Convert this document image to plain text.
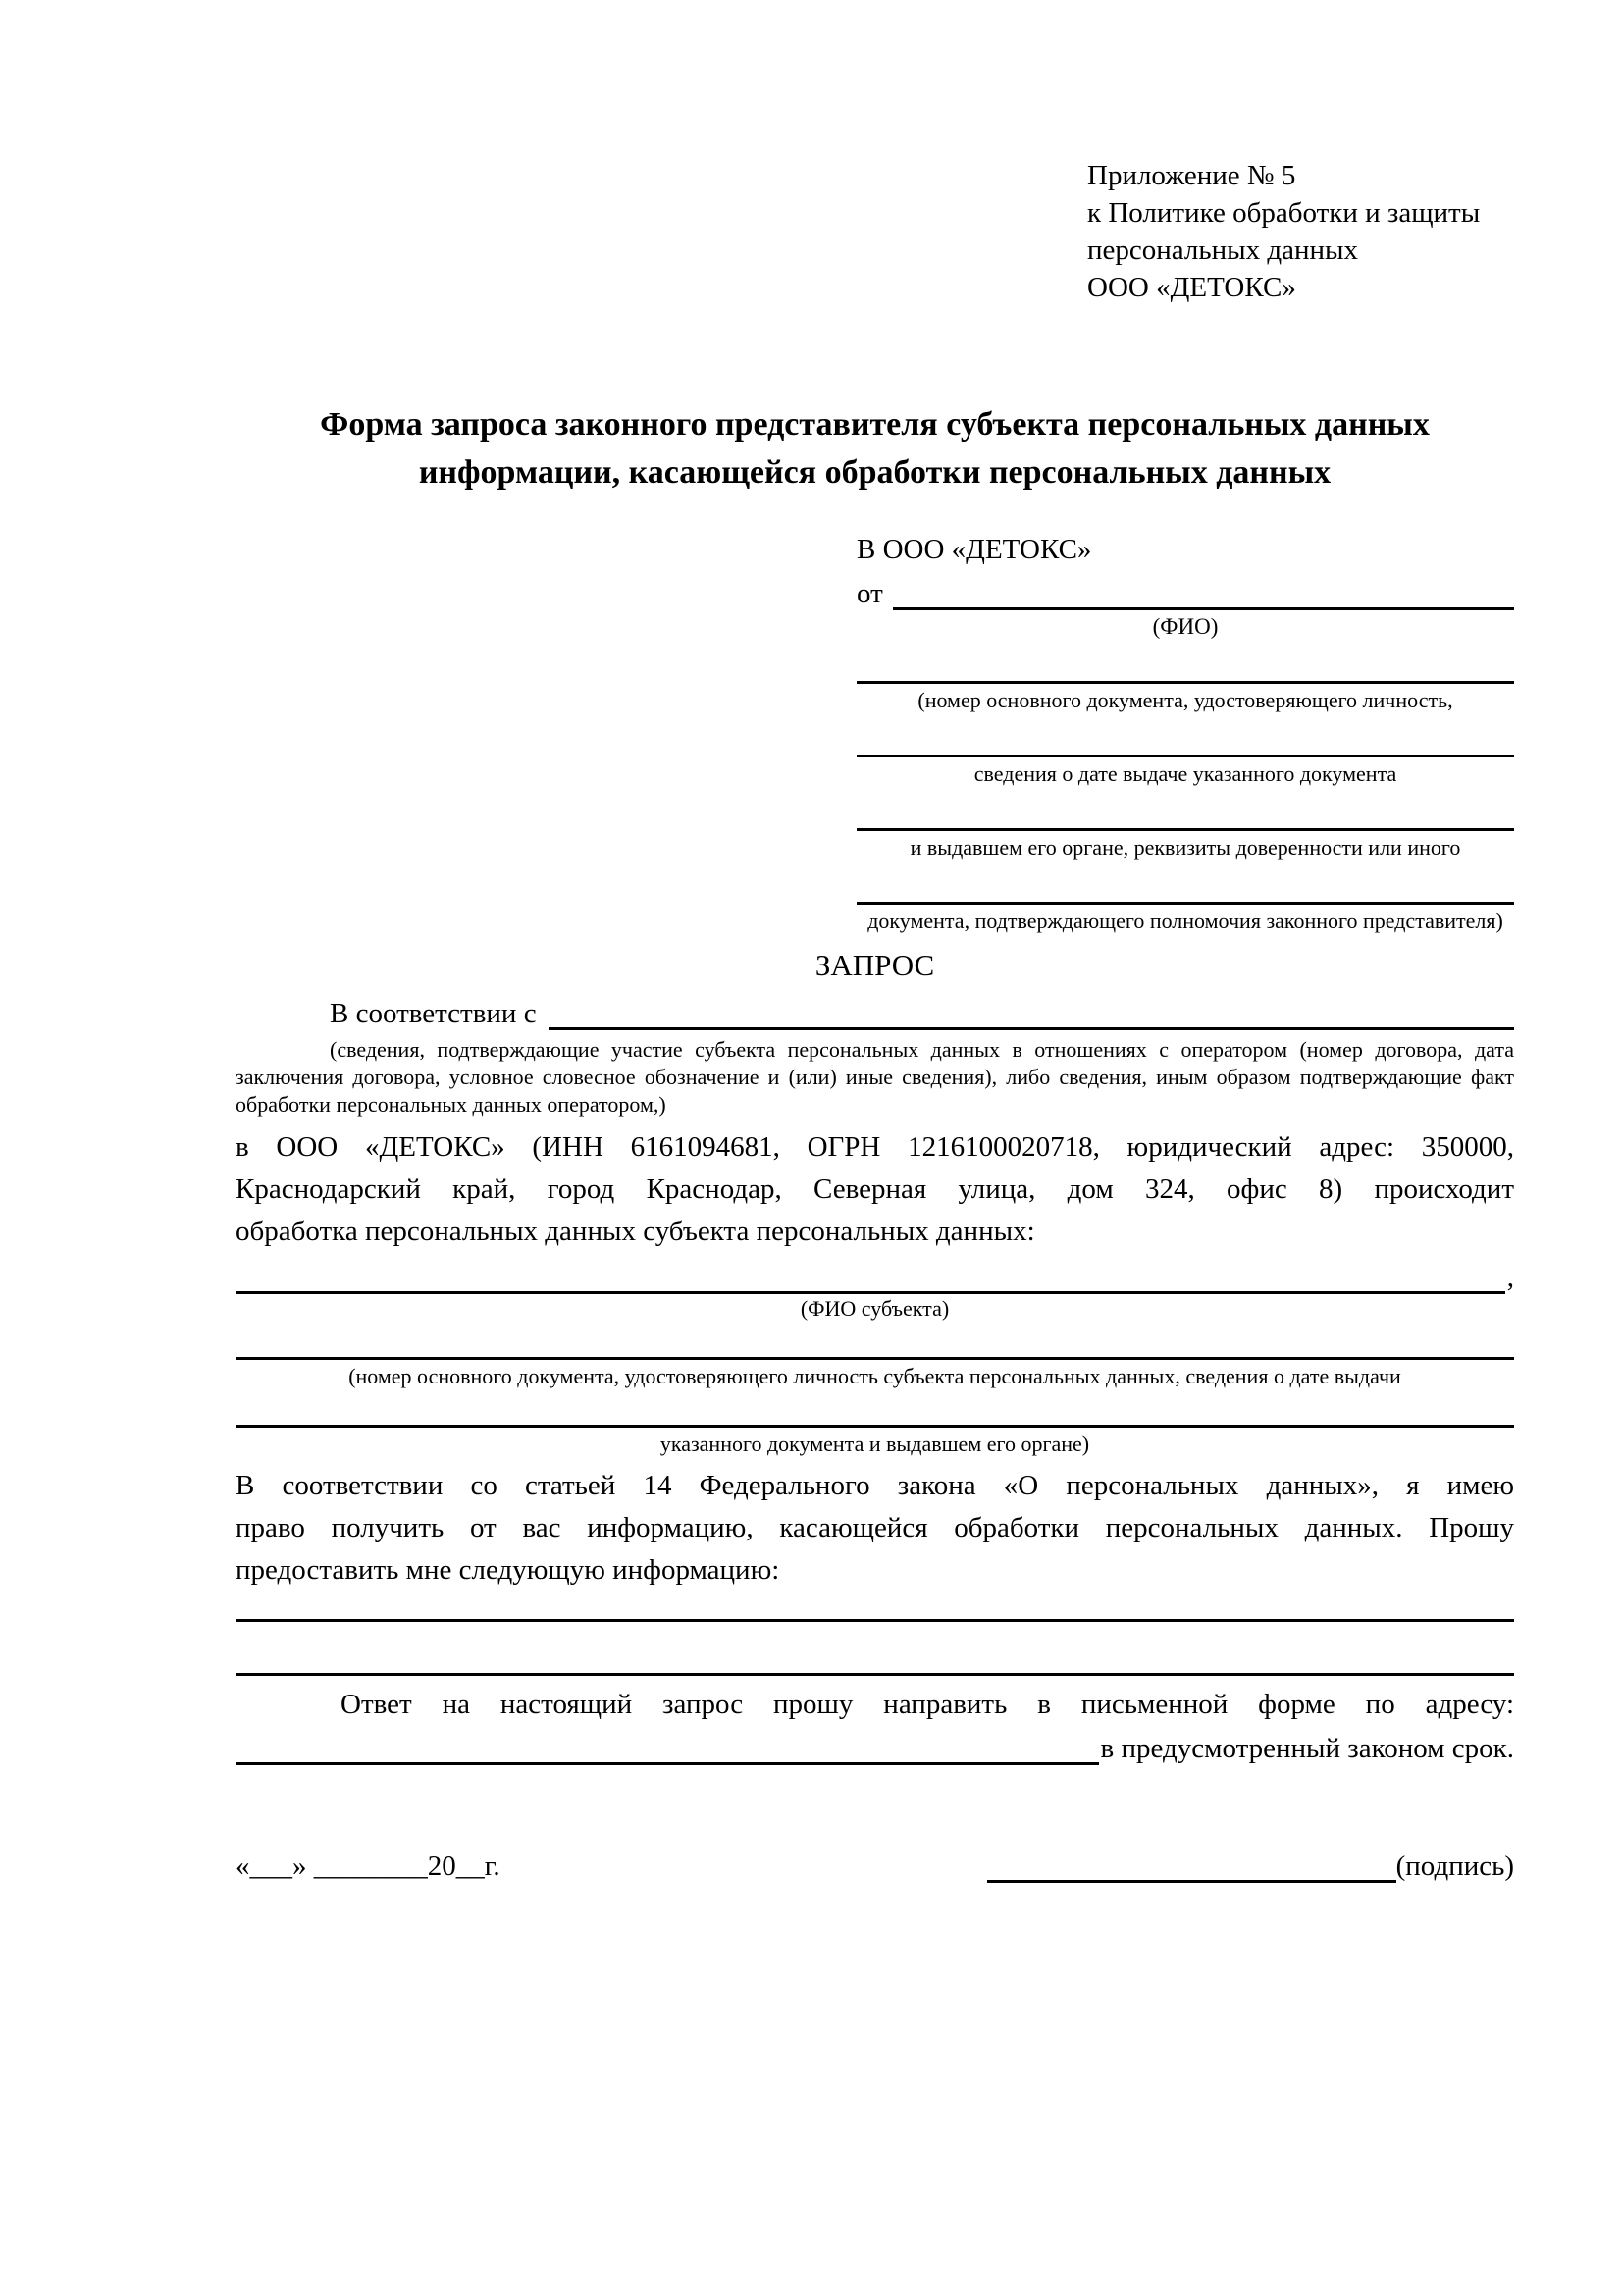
Приложение № 5
к Политике обработки и защиты
персональных данных
ООО «ДЕТОКС»
Форма запроса законного представителя субъекта персональных данных
информации, касающейся обработки персональных данных
В ООО «ДЕТОКС»
от
(ФИО)
(номер основного документа, удостоверяющего личность,
сведения о дате выдаче указанного документа
и выдавшем его органе, реквизиты доверенности или иного
документа, подтверждающего полномочия законного представителя)
ЗАПРОС
В соответствии с
(сведения, подтверждающие участие субъекта персональных данных в отношениях с оператором (номер договора, дата
заключения договора, условное словесное обозначение и (или) иные сведения), либо сведения, иным образом подтверждающие факт
обработки персональных данных оператором,)
в ООО «ДЕТОКС» (ИНН 6161094681, ОГРН 1216100020718, юридический адрес: 350000,
Краснодарский край, город Краснодар, Северная улица, дом 324, офис 8) происходит
обработка персональных данных субъекта персональных данных:
,
(ФИО субъекта)
(номер основного документа, удостоверяющего личность субъекта персональных данных, сведения о дате выдачи
указанного документа и выдавшем его органе)
В соответствии со статьей 14 Федерального закона «О персональных данных», я имею
право получить от вас информацию, касающейся обработки персональных данных. Прошу
предоставить мне следующую информацию:
Ответ на настоящий запрос прошу направить в письменной форме по адресу:
в предусмотренный законом срок.
«___» ________20__г.	(подпись)
